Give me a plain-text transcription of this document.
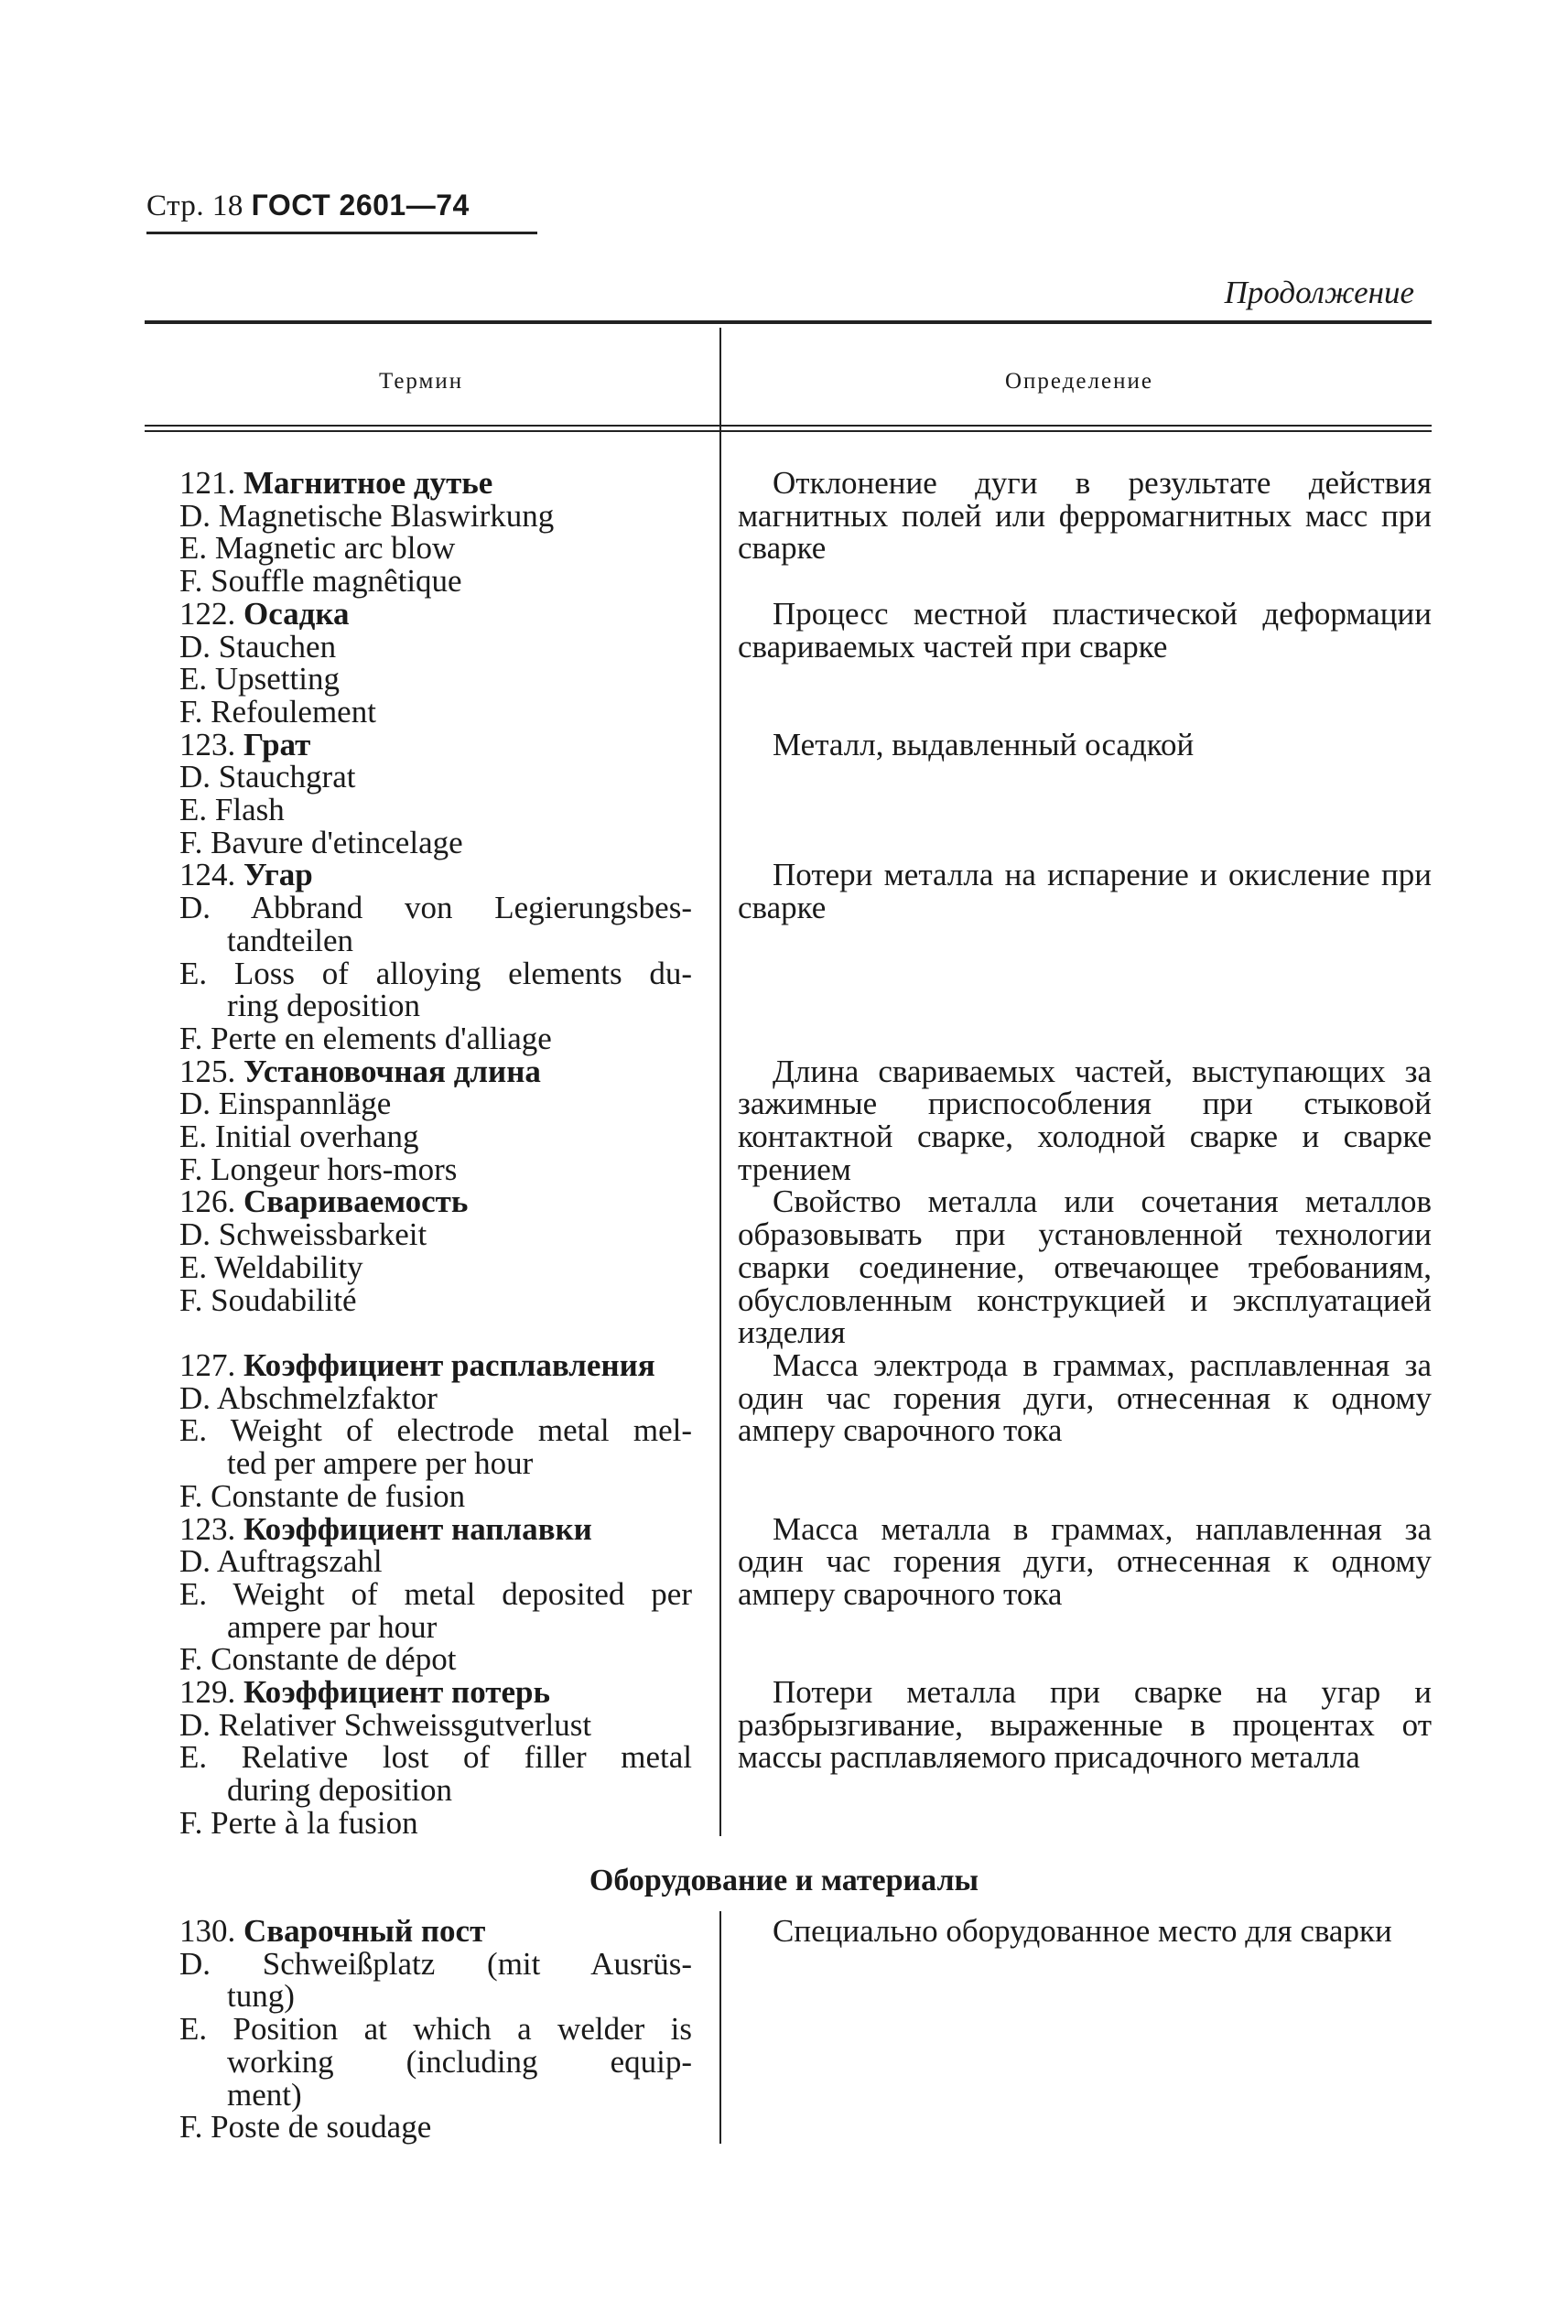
Стр. 18 ГОСТ 2601—74
Продолжение
Термин	Определение
121. Магнитное дутье
D. Magnetische Blaswirkung
E. Magnetic arc blow
F. Souffle magnêtique
122. Осадка
D. Stauchen
E. Upsetting
F. Refoulement
123. Грат
D. Stauchgrat
E. Flash
F. Bavure d'etincelage
124. Угар
D. Abbrand von Legierungsbes-
tandteilen
E. Loss of alloying elements du-
ring deposition
F. Perte en elements d'alliage
125. Установочная длина
D. Einspannläge
E. Initial overhang
F. Longeur hors-mors
126. Свариваемость
D. Schweissbarkeit
E. Weldability
F. Soudabilité
127. Коэффициент расплавления
D. Abschmelzfaktor
E. Weight of electrode metal mel-
ted per ampere per hour
F. Constante de fusion
123. Коэффициент наплавки
D. Auftragszahl
E. Weight of metal deposited per
ampere par hour
F. Constante de dépot
129. Коэффициент потерь
D. Relativer Schweissgutverlust
E. Relative lost of filler metal
during deposition
F. Perte à la fusion

Отклонение дуги в результате действия магнитных полей или ферромагнитных масс при сварке

Процесс местной пластической деформации свариваемых частей при сварке

Металл, выдавленный осадкой

Потери металла на испарение и окисление при сварке

Длина свариваемых частей, выступающих за зажимные приспособления при стыковой контактной сварке, холодной сварке и сварке трением

Свойство металла или сочетания металлов образовывать при установленной технологии сварки соединение, отвечающее требованиям, обусловленным конструкцией и эксплуатацией изделия

Масса электрода в граммах, расплавленная за один час горения дуги, отнесенная к одному амперу сварочного тока

Масса металла в граммах, наплавленная за один час горения дуги, отнесенная к одному амперу сварочного тока

Потери металла при сварке на угар и разбрызгивание, выраженные в процентах от массы расплавляемого присадочного металла

Оборудование и материалы
130. Сварочный пост
D. Schweißplatz (mit Ausrüs-
tung)
E. Position at which a welder is
working (including equip-
ment)
F. Poste de soudage

Специально оборудованное место для сварки
